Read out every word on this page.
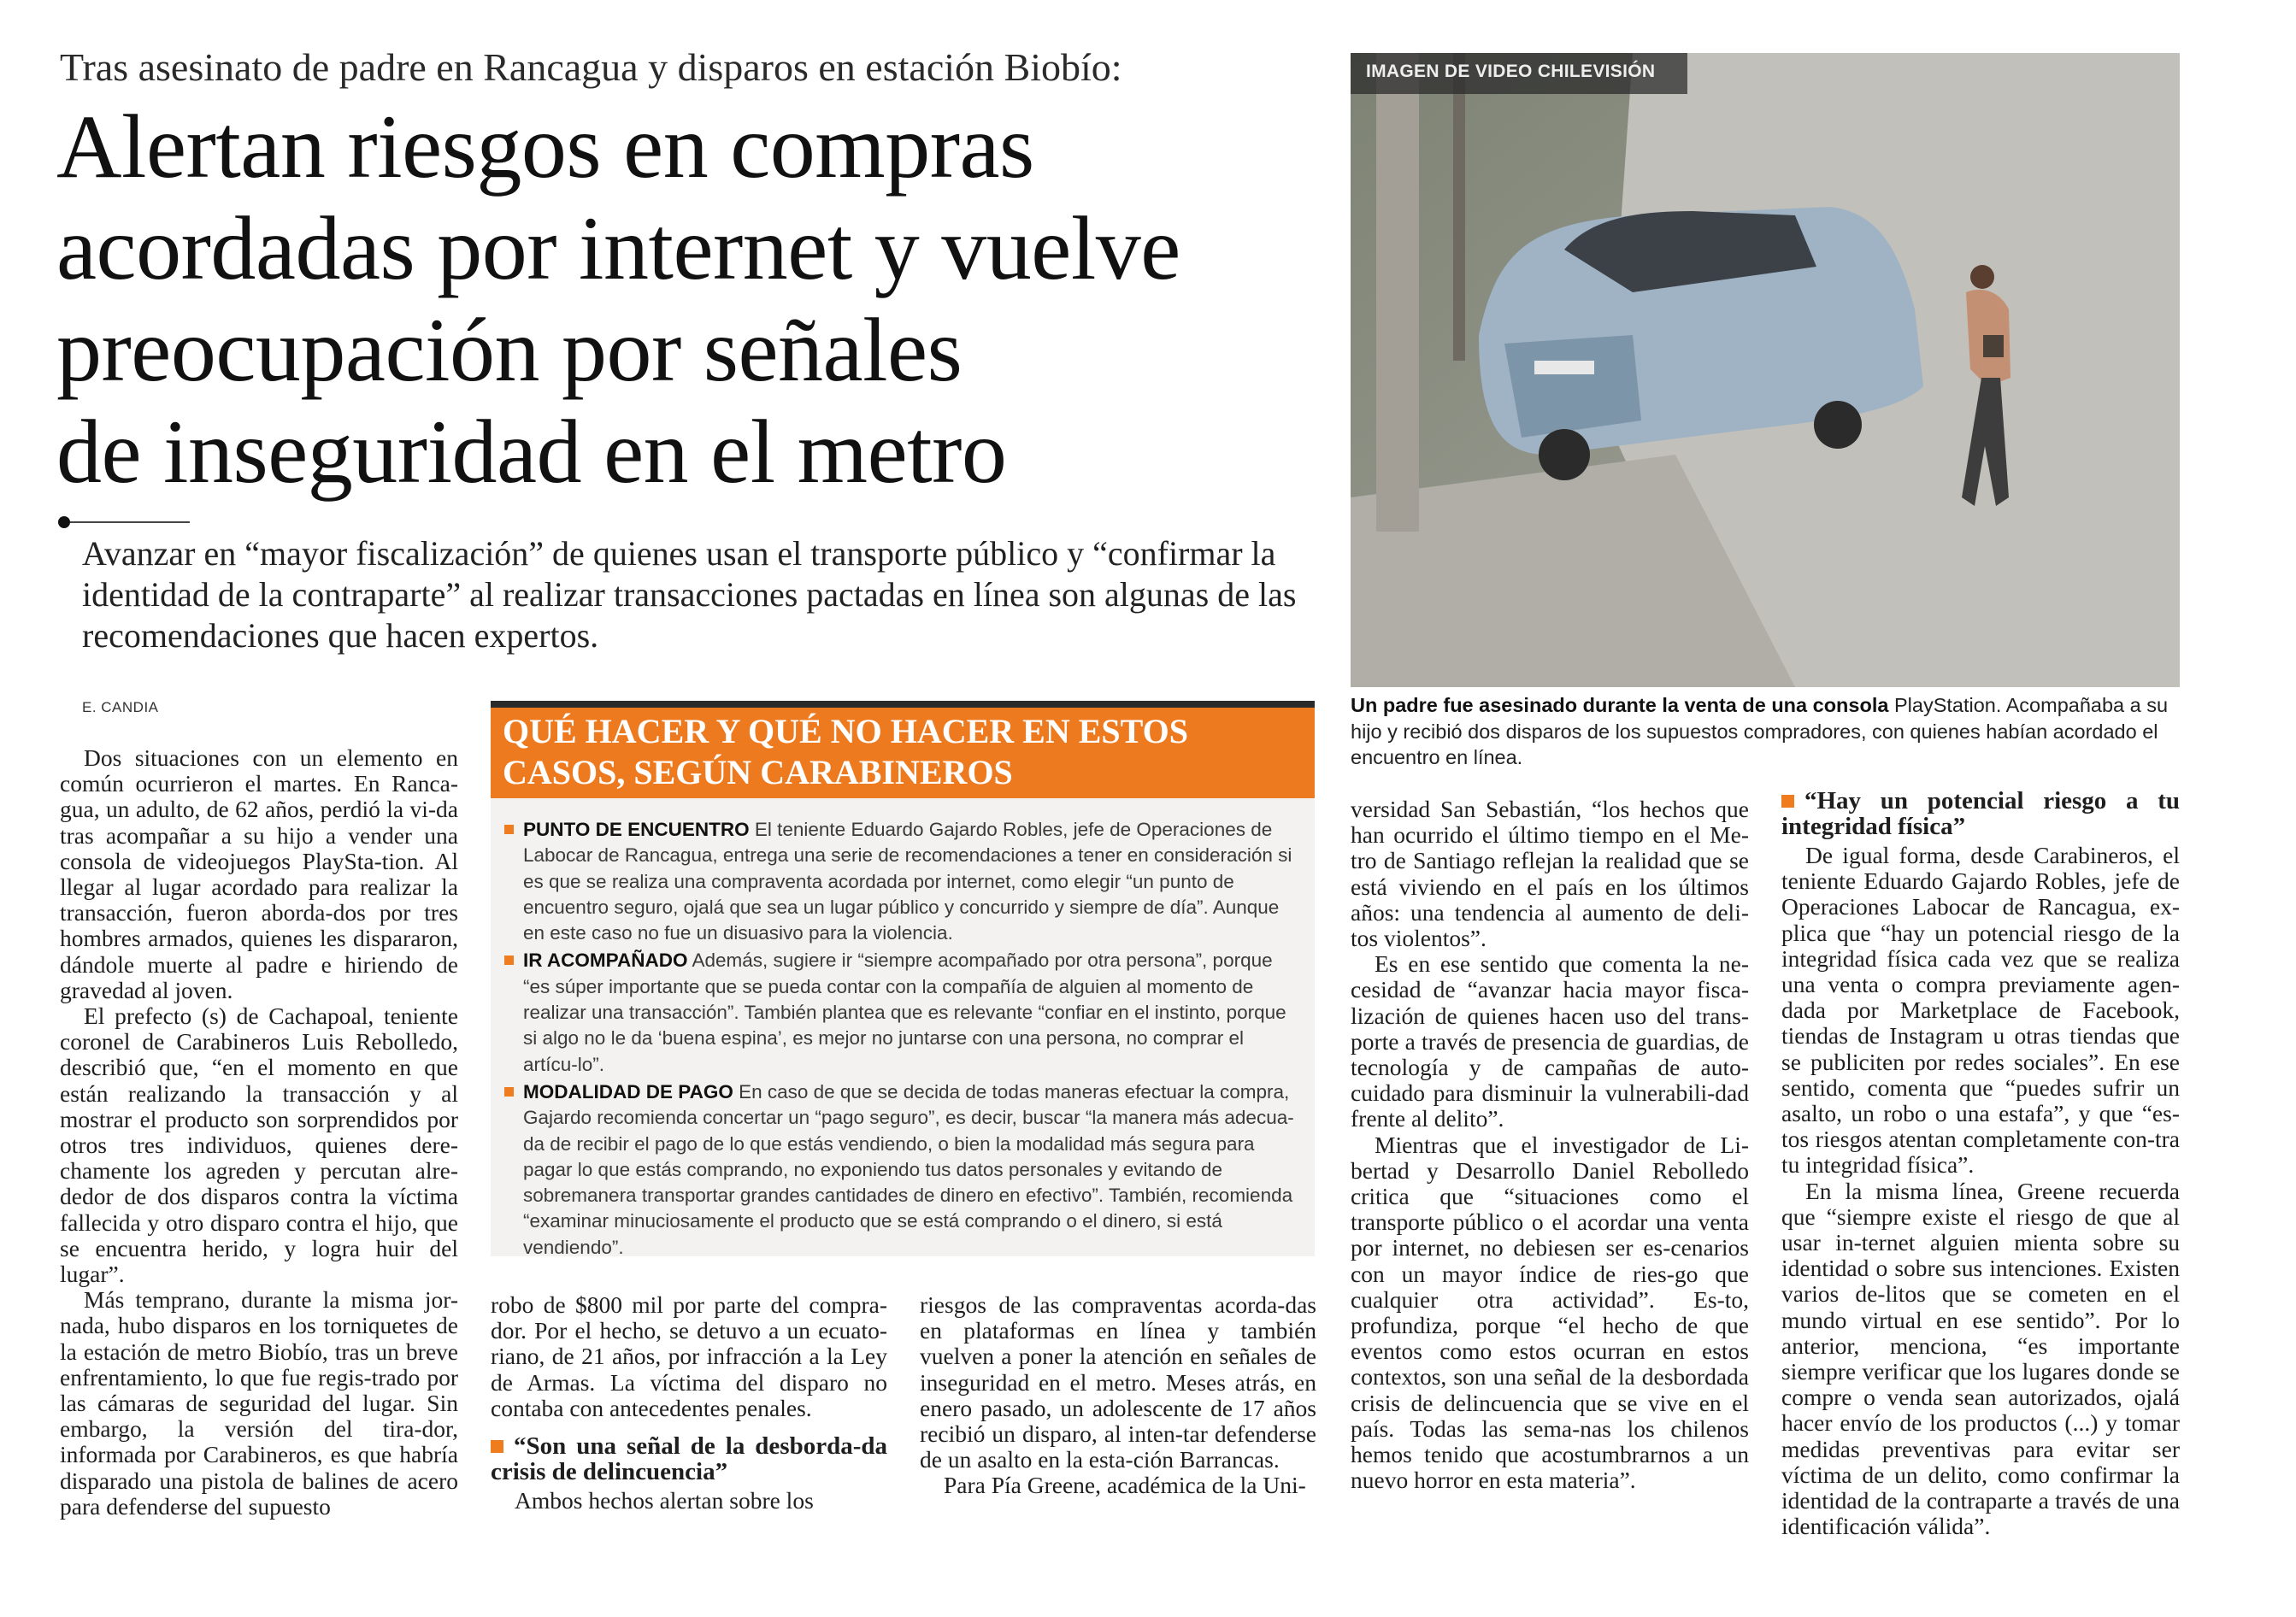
Tras asesinato de padre en Rancagua y disparos en estación Biobío:
Alertan riesgos en compras
acordadas por internet y vuelve
preocupación por señales
de inseguridad en el metro
Avanzar en “mayor fiscalización” de quienes usan el transporte público y “confirmar la identidad de la contraparte” al realizar transacciones pactadas en línea son algunas de las recomendaciones que hacen expertos.
E. CANDIA
IMAGEN DE VIDEO CHILEVISIÓN
Un padre fue asesinado durante la venta de una consola PlayStation. Acompañaba a su hijo y recibió dos disparos de los supuestos compradores, con quienes habían acordado el encuentro en línea.
QUÉ HACER Y QUÉ NO HACER EN ESTOS CASOS, SEGÚN CARABINEROS

PUNTO DE ENCUENTRO El teniente Eduardo Gajardo Robles, jefe de Operaciones de Labocar de Rancagua, entrega una serie de recomendaciones a tener en consideración si es que se realiza una compraventa acordada por internet, como elegir “un punto de encuentro seguro, ojalá que sea un lugar público y concurrido y siempre de día”. Aunque en este caso no fue un disuasivo para la violencia.

IR ACOMPAÑADO Además, sugiere ir “siempre acompañado por otra persona”, porque “es súper importante que se pueda contar con la compañía de alguien al momento de realizar una transacción”. También plantea que es relevante “confiar en el instinto, porque si algo no le da ‘buena espina’, es mejor no juntarse con una persona, no comprar el artícu-lo”.

MODALIDAD DE PAGO En caso de que se decida de todas maneras efectuar la compra, Gajardo recomienda concertar un “pago seguro”, es decir, buscar “la manera más adecua-da de recibir el pago de lo que estás vendiendo, o bien la modalidad más segura para pagar lo que estás comprando, no exponiendo tus datos personales y evitando de sobremanera transportar grandes cantidades de dinero en efectivo”. También, recomienda “examinar minuciosamente el producto que se está comprando o el dinero, si está vendiendo”.

Dos situaciones con un elemento en común ocurrieron el martes. En Ranca-gua, un adulto, de 62 años, perdió la vi-da tras acompañar a su hijo a vender una consola de videojuegos PlaySta-tion. Al llegar al lugar acordado para realizar la transacción, fueron aborda-dos por tres hombres armados, quienes les dispararon, dándole muerte al padre e hiriendo de gravedad al joven.

El prefecto (s) de Cachapoal, teniente coronel de Carabineros Luis Rebolledo, describió que, “en el momento en que están realizando la transacción y al mostrar el producto son sorprendidos por otros tres individuos, quienes dere-chamente los agreden y percutan alre-dedor de dos disparos contra la víctima fallecida y otro disparo contra el hijo, que se encuentra herido, y logra huir del lugar”.

Más temprano, durante la misma jor-nada, hubo disparos en los torniquetes de la estación de metro Biobío, tras un breve enfrentamiento, lo que fue regis-trado por las cámaras de seguridad del lugar. Sin embargo, la versión del tira-dor, informada por Carabineros, es que habría disparado una pistola de balines de acero para defenderse del supuesto

robo de $800 mil por parte del compra-dor. Por el hecho, se detuvo a un ecuato-riano, de 21 años, por infracción a la Ley de Armas. La víctima del disparo no contaba con antecedentes penales.

“Son una señal de la desborda-da crisis de delincuencia”

Ambos hechos alertan sobre los

riesgos de las compraventas acorda-das en plataformas en línea y también vuelven a poner la atención en señales de inseguridad en el metro. Meses atrás, en enero pasado, un adolescente de 17 años recibió un disparo, al inten-tar defenderse de un asalto en la esta-ción Barrancas.

Para Pía Greene, académica de la Uni-

versidad San Sebastián, “los hechos que han ocurrido el último tiempo en el Me-tro de Santiago reflejan la realidad que se está viviendo en el país en los últimos años: una tendencia al aumento de deli-tos violentos”.

Es en ese sentido que comenta la ne-cesidad de “avanzar hacia mayor fisca-lización de quienes hacen uso del trans-porte a través de presencia de guardias, de tecnología y de campañas de auto-cuidado para disminuir la vulnerabili-dad frente al delito”.

Mientras que el investigador de Li-bertad y Desarrollo Daniel Rebolledo critica que “situaciones como el transporte público o el acordar una venta por internet, no debiesen ser es-cenarios con un mayor índice de ries-go que cualquier otra actividad”. Es-to, profundiza, porque “el hecho de que eventos como estos ocurran en estos contextos, son una señal de la desbordada crisis de delincuencia que se vive en el país. Todas las sema-nas los chilenos hemos tenido que acostumbrarnos a un nuevo horror en esta materia”.

“Hay un potencial riesgo a tu integridad física”

De igual forma, desde Carabineros, el teniente Eduardo Gajardo Robles, jefe de Operaciones Labocar de Rancagua, ex-plica que “hay un potencial riesgo de la integridad física cada vez que se realiza una venta o compra previamente agen-dada por Marketplace de Facebook, tiendas de Instagram u otras tiendas que se publiciten por redes sociales”. En ese sentido, comenta que “puedes sufrir un asalto, un robo o una estafa”, y que “es-tos riesgos atentan completamente con-tra tu integridad física”.

En la misma línea, Greene recuerda que “siempre existe el riesgo de que al usar in-ternet alguien mienta sobre su identidad o sobre sus intenciones. Existen varios de-litos que se cometen en el mundo virtual en ese sentido”. Por lo anterior, menciona, “es importante siempre verificar que los lugares donde se compre o venda sean autorizados, ojalá hacer envío de los productos (...) y tomar medidas preventivas para evitar ser víctima de un delito, como confirmar la identidad de la contraparte a través de una identificación válida”.
